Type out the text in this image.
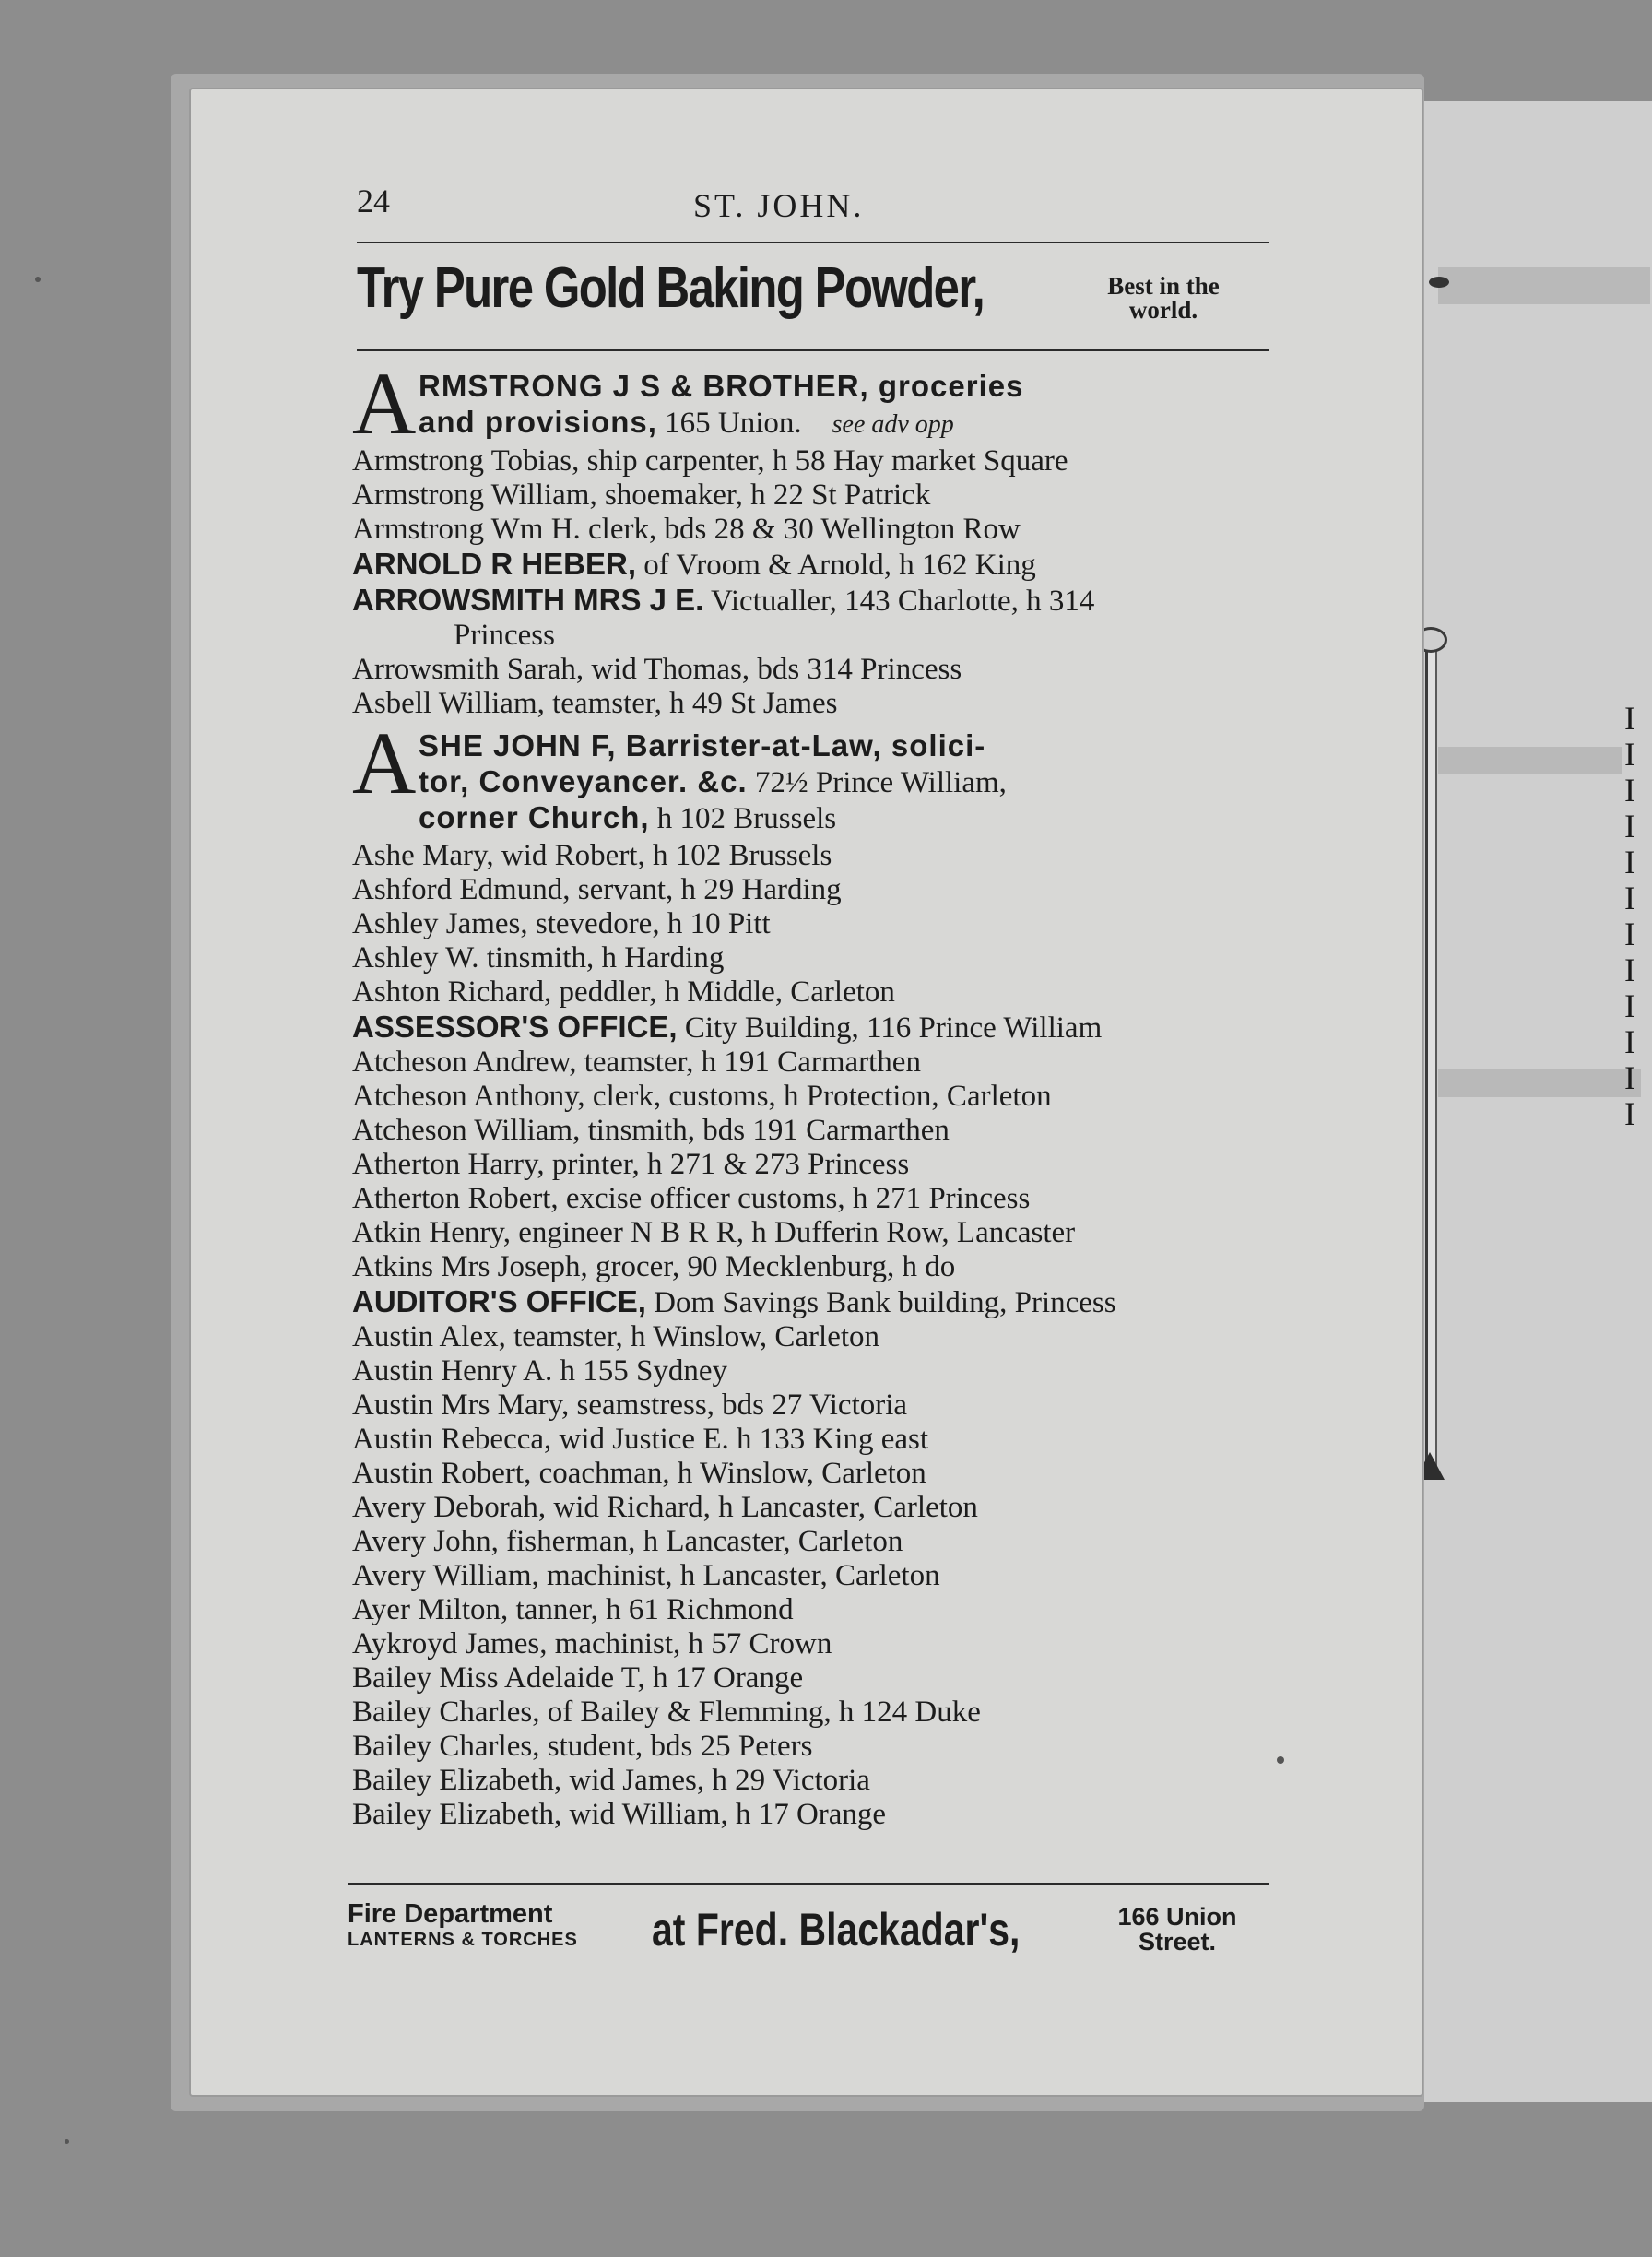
I
I
I
I
I
I
I
I
I
I
I
I
24	ST. JOHN.
Try Pure Gold Baking Powder,	Best in the
world.
A RMSTRONG J S & BROTHER, groceries
and provisions, 165 Union. see adv opp
Armstrong Tobias, ship carpenter, h 58 Hay market Square
Armstrong William, shoemaker, h 22 St Patrick
Armstrong Wm H. clerk, bds 28 & 30 Wellington Row
ARNOLD R HEBER, of Vroom & Arnold, h 162 King
ARROWSMITH MRS J E. Victualler, 143 Charlotte, h 314
Princess
Arrowsmith Sarah, wid Thomas, bds 314 Princess
Asbell William, teamster, h 49 St James
A SHE JOHN F, Barrister-at-Law, solici-
tor, Conveyancer. &c. 72½ Prince William,
corner Church, h 102 Brussels
Ashe Mary, wid Robert, h 102 Brussels
Ashford Edmund, servant, h 29 Harding
Ashley James, stevedore, h 10 Pitt
Ashley W. tinsmith, h Harding
Ashton Richard, peddler, h Middle, Carleton
ASSESSOR'S OFFICE, City Building, 116 Prince William
Atcheson Andrew, teamster, h 191 Carmarthen
Atcheson Anthony, clerk, customs, h Protection, Carleton
Atcheson William, tinsmith, bds 191 Carmarthen
Atherton Harry, printer, h 271 & 273 Princess
Atherton Robert, excise officer customs, h 271 Princess
Atkin Henry, engineer N B R R, h Dufferin Row, Lancaster
Atkins Mrs Joseph, grocer, 90 Mecklenburg, h do
AUDITOR'S OFFICE, Dom Savings Bank building, Princess
Austin Alex, teamster, h Winslow, Carleton
Austin Henry A. h 155 Sydney
Austin Mrs Mary, seamstress, bds 27 Victoria
Austin Rebecca, wid Justice E. h 133 King east
Austin Robert, coachman, h Winslow, Carleton
Avery Deborah, wid Richard, h Lancaster, Carleton
Avery John, fisherman, h Lancaster, Carleton
Avery William, machinist, h Lancaster, Carleton
Ayer Milton, tanner, h 61 Richmond
Aykroyd James, machinist, h 57 Crown
Bailey Miss Adelaide T, h 17 Orange
Bailey Charles, of Bailey & Flemming, h 124 Duke
Bailey Charles, student, bds 25 Peters
Bailey Elizabeth, wid James, h 29 Victoria
Bailey Elizabeth, wid William, h 17 Orange
Fire Department
LANTERNS & TORCHES	at Fred. Blackadar's,	166 Union
Street.
